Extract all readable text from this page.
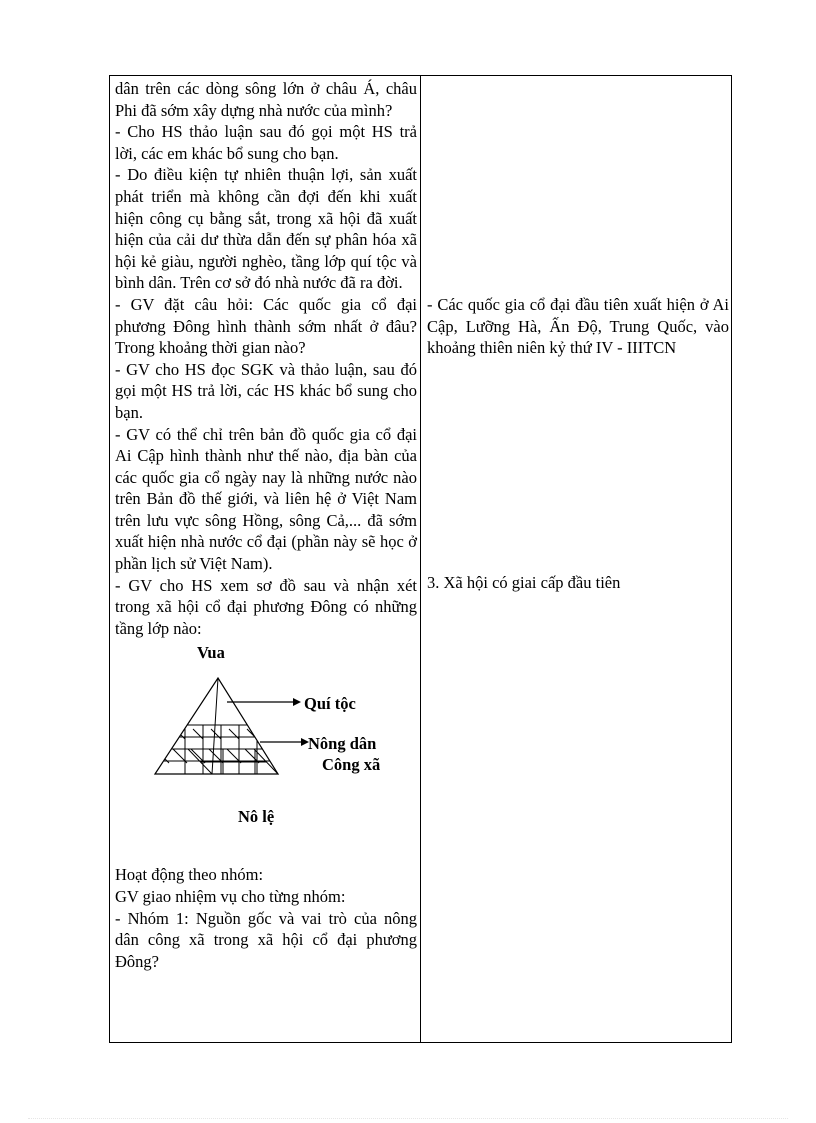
dân trên các dòng sông lớn ở châu Á, châu Phi đã sớm xây dựng nhà nước của mình?

- Cho HS thảo luận sau đó gọi một HS trả lời, các em khác bổ sung cho bạn.

- Do điều kiện tự nhiên thuận lợi, sản xuất phát triển mà không cần đợi đến khi xuất hiện công cụ bằng sắt, trong xã hội đã xuất hiện của cải dư thừa dẫn đến sự phân hóa xã hội kẻ giàu, người nghèo, tầng lớp quí tộc và bình dân. Trên cơ sở đó nhà nước đã ra đời.

- GV đặt câu hỏi: Các quốc gia cổ đại phương Đông hình thành sớm nhất ở đâu? Trong khoảng thời gian nào?

- GV cho HS đọc SGK và thảo luận, sau đó gọi một HS trả lời, các HS khác bổ sung cho bạn.

- GV có thể chỉ trên bản đồ quốc gia cổ đại Ai Cập hình thành như thế nào, địa bàn của các quốc gia cổ ngày nay là những nước nào trên Bản đồ thế giới, và liên hệ ở Việt Nam trên lưu vực sông Hồng, sông Cả,... đã sớm xuất hiện nhà nước cổ đại (phần này sẽ học ở phần lịch sử Việt Nam).

- GV cho HS xem sơ đồ sau và nhận xét trong xã hội cổ đại phương Đông có những tầng lớp nào:

Vua
Quí tộc
Nông dân
Công xã
Nô lệ

Hoạt động theo nhóm:

GV giao nhiệm vụ cho từng nhóm:

- Nhóm 1: Nguồn gốc và vai trò của nông dân công xã trong xã hội cổ đại phương Đông?

- Các quốc gia cổ đại đầu tiên xuất hiện ở Ai Cập, Lưỡng Hà, Ấn Độ, Trung Quốc, vào khoảng thiên niên kỷ thứ IV - IIITCN

3. Xã hội có giai cấp đầu tiên
